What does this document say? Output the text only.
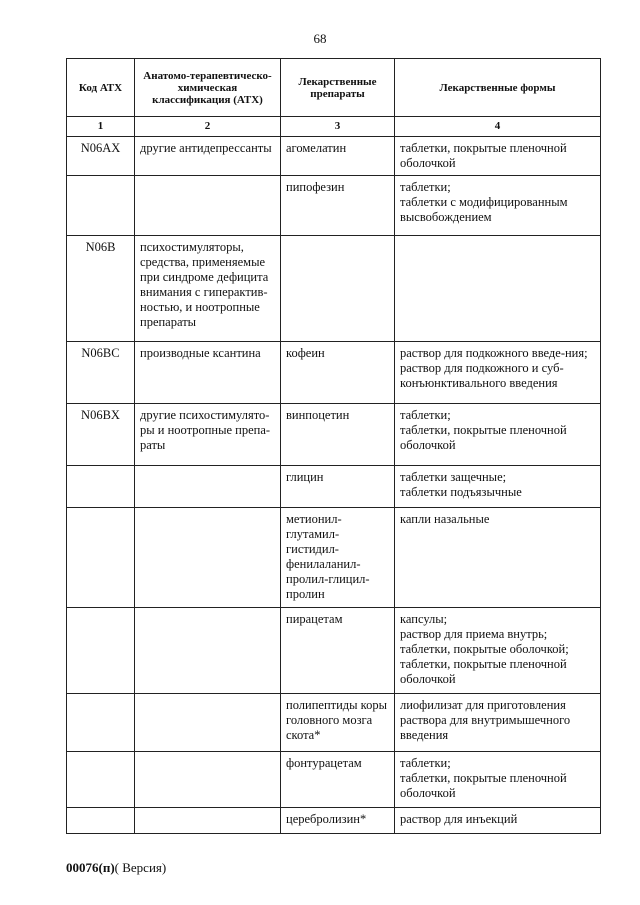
68
Код АТХ	Анатомо-терапевтическо-химическая классификация (АТХ)	Лекарственные препараты	Лекарственные формы
1	2	3	4

N06AX	другие антидепрессанты	агомелатин	таблетки, покрытые пленочной оболочкой

		пипофезин	таблетки;
таблетки с модифицированным высвобождением

N06B	психостимуляторы, средства, применяемые при синдроме дефицита внимания с гиперактив-ностью, и ноотропные препараты		

N06BC	производные ксантина	кофеин	раствор для подкожного введе-ния;
раствор для подкожного и суб-конъюнктивального введения

N06BX	другие психостимулято-ры и ноотропные препа-раты	винпоцетин	таблетки;
таблетки, покрытые пленочной оболочкой

		глицин	таблетки защечные;
таблетки подъязычные

		метионил-глутамил-гистидил-фенилаланил-пролил-глицил-пролин	капли назальные

		пирацетам	капсулы;
раствор для приема внутрь;
таблетки, покрытые оболочкой;
таблетки, покрытые пленочной оболочкой

		полипептиды коры головного мозга скота*	лиофилизат для приготовления раствора для внутримышечного введения

		фонтурацетам	таблетки;
таблетки, покрытые пленочной оболочкой

		церебролизин*	раствор для инъекций
00076(п)( Версия)
